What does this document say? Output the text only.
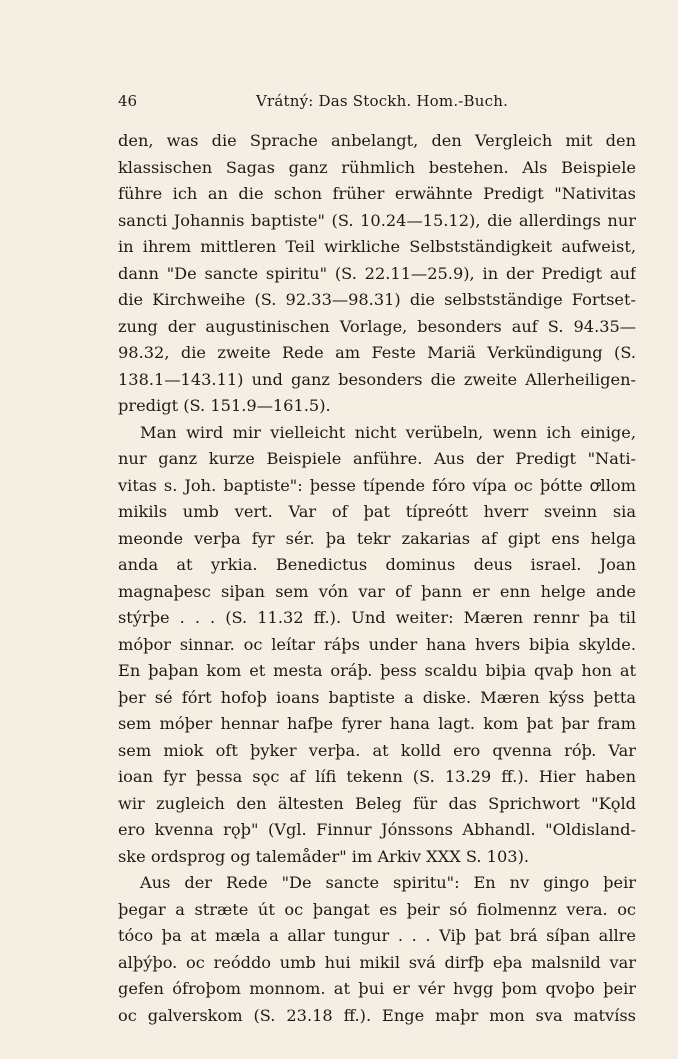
46	Vrátný: Das Stockh. Hom.-Buch.
den, was die Sprache anbelangt, den Vergleich mit den
klassischen Sagas ganz rühmlich bestehen. Als Beispiele
führe ich an die schon früher erwähnte Predigt "Nativitas
sancti Johannis baptiste" (S. 10.24—15.12), die allerdings nur
in ihrem mittleren Teil wirkliche Selbstständigkeit aufweist,
dann "De sancte spiritu" (S. 22.11—25.9), in der Predigt auf
die Kirchweihe (S. 92.33—98.31) die selbstständige Fortset-
zung der augustinischen Vorlage, besonders auf S. 94.35—
98.32, die zweite Rede am Feste Mariä Verkündigung (S.
138.1—143.11) und ganz besonders die zweite Allerheiligen-
predigt (S. 151.9—161.5).
Man wird mir vielleicht nicht verübeln, wenn ich einige,
nur ganz kurze Beispiele anführe. Aus der Predigt "Nati-
vitas s. Joh. baptiste": þesse típende fóro vípa oc þótte ꝍllom
mikils umb vert. Var of þat típreótt hverr sveinn sia
meonde verþa fyr sér. þa tekr zakarias af gipt ens helga
anda at yrkia. Benedictus dominus deus israel. Joan
magnaþesc siþan sem vón var of þann er enn helge ande
stýrþe . . . (S. 11.32 ff.). Und weiter: Mæren rennr þa til
móþor sinnar. oc leítar ráþs under hana hvers biþia skylde.
En þaþan kom et mesta oráþ. þess scaldu biþia qvaþ hon at
þer sé fórt hofoþ ioans baptiste a diske. Mæren kýss þetta
sem móþer hennar hafþe fyrer hana lagt. kom þat þar fram
sem miok oft þyker verþa. at kolld ero qvenna róþ. Var
ioan fyr þessa sǫc af lífi tekenn (S. 13.29 ff.). Hier haben
wir zugleich den ältesten Beleg für das Sprichwort "Kǫld
ero kvenna rǫþ" (Vgl. Finnur Jónssons Abhandl. "Oldisland-
ske ordsprog og talemåder" im Arkiv XXX S. 103).
Aus der Rede "De sancte spiritu": En nv gingo þeir
þegar a stræte út oc þangat es þeir só fiolmennz vera. oc
tóco þa at mæla a allar tungur . . . Viþ þat brá síþan allre
alþýþo. oc reóddo umb hui mikil svá dirfþ eþa malsnild var
gefen ófroþom monnom. at þui er vér hvgg þom qvoþo þeir
oc galverskom (S. 23.18 ff.). Enge maþr mon sva matvíss
